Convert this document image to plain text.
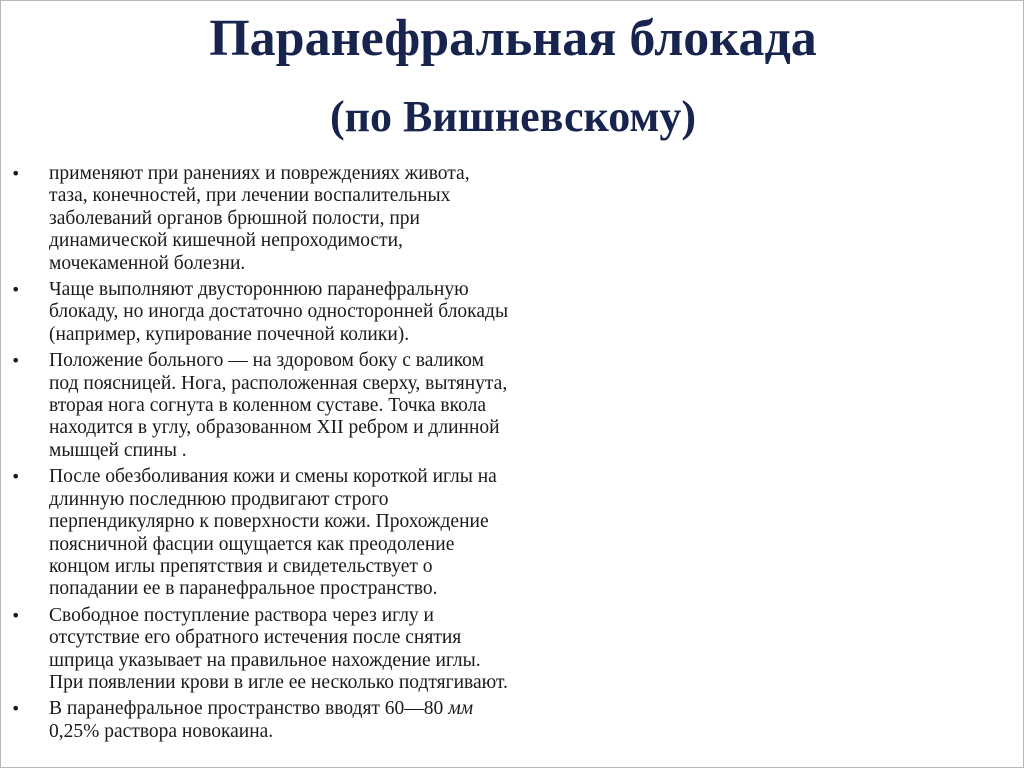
Паранефральная блокада
(по Вишневскому)
• применяют при ранениях и повреждениях живота,
таза, конечностей, при лечении воспалительных
заболеваний органов брюшной полости, при
динамической кишечной непроходимости,
мочекаменной болезни.
• Чаще выполняют двустороннюю паранефральную
блокаду, но иногда достаточно односторонней блокады
(например, купирование почечной колики).
• Положение больного — на здоровом боку с валиком
под поясницей. Нога, расположенная сверху, вытянута,
вторая нога согнута в коленном суставе. Точка вкола
находится в углу, образованном XII ребром и длинной
мышцей спины .
• После обезболивания кожи и смены короткой иглы на
длинную последнюю продвигают строго
перпендикулярно к поверхности кожи. Прохождение
поясничной фасции ощущается как преодоление
концом иглы препятствия и свидетельствует о
попадании ее в паранефральное пространство.
• Свободное поступление раствора через иглу и
отсутствие его обратного истечения после снятия
шприца указывает на правильное нахождение иглы.
При появлении крови в игле ее несколько подтягивают.
• В паранефральное пространство вводят 60—80 мм
0,25% раствора новокаина.
